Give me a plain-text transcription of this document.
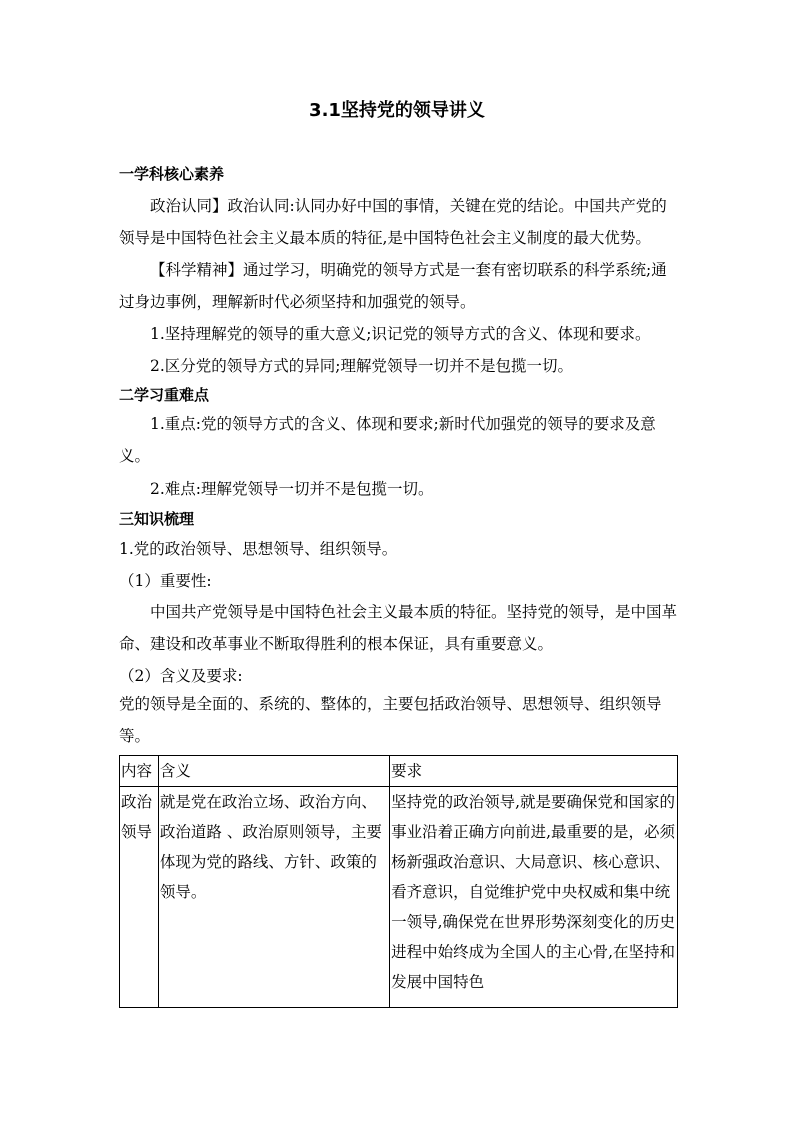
3.1坚持党的领导讲义
一学科核心素养
政治认同】政治认同:认同办好中国的事情，关键在党的结论。中国共产党的领导是中国特色社会主义最本质的特征,是中国特色社会主义制度的最大优势。
【科学精神】通过学习，明确党的领导方式是一套有密切联系的科学系统;通过身边事例，理解新时代必须坚持和加强党的领导。
1.坚持理解党的领导的重大意义;识记党的领导方式的含义、体现和要求。
2.区分党的领导方式的异同;理解党领导一切并不是包揽一切。
二学习重难点
1.重点:党的领导方式的含义、体现和要求;新时代加强党的领导的要求及意义。
2.难点:理解党领导一切并不是包揽一切。
三知识梳理
1.党的政治领导、思想领导、组织领导。
（1）重要性:
中国共产党领导是中国特色社会主义最本质的特征。坚持党的领导，是中国革命、建设和改革事业不断取得胜利的根本保证，具有重要意义。
（2）含义及要求:
党的领导是全面的、系统的、整体的，主要包括政治领导、思想领导、组织领导等。
内容	含义	要求
政治领导	就是党在政治立场、政治方向、政治道路 、政治原则领导，主要体现为党的路线、方针、政策的领导。	坚持党的政治领导,就是要确保党和国家的事业沿着正确方向前进,最重要的是，必须杨新强政治意识、大局意识、核心意识、看齐意识，自觉维护党中央权威和集中统一领导,确保党在世界形势深刻变化的历史进程中始终成为全国人的主心骨,在坚持和发展中国特色
